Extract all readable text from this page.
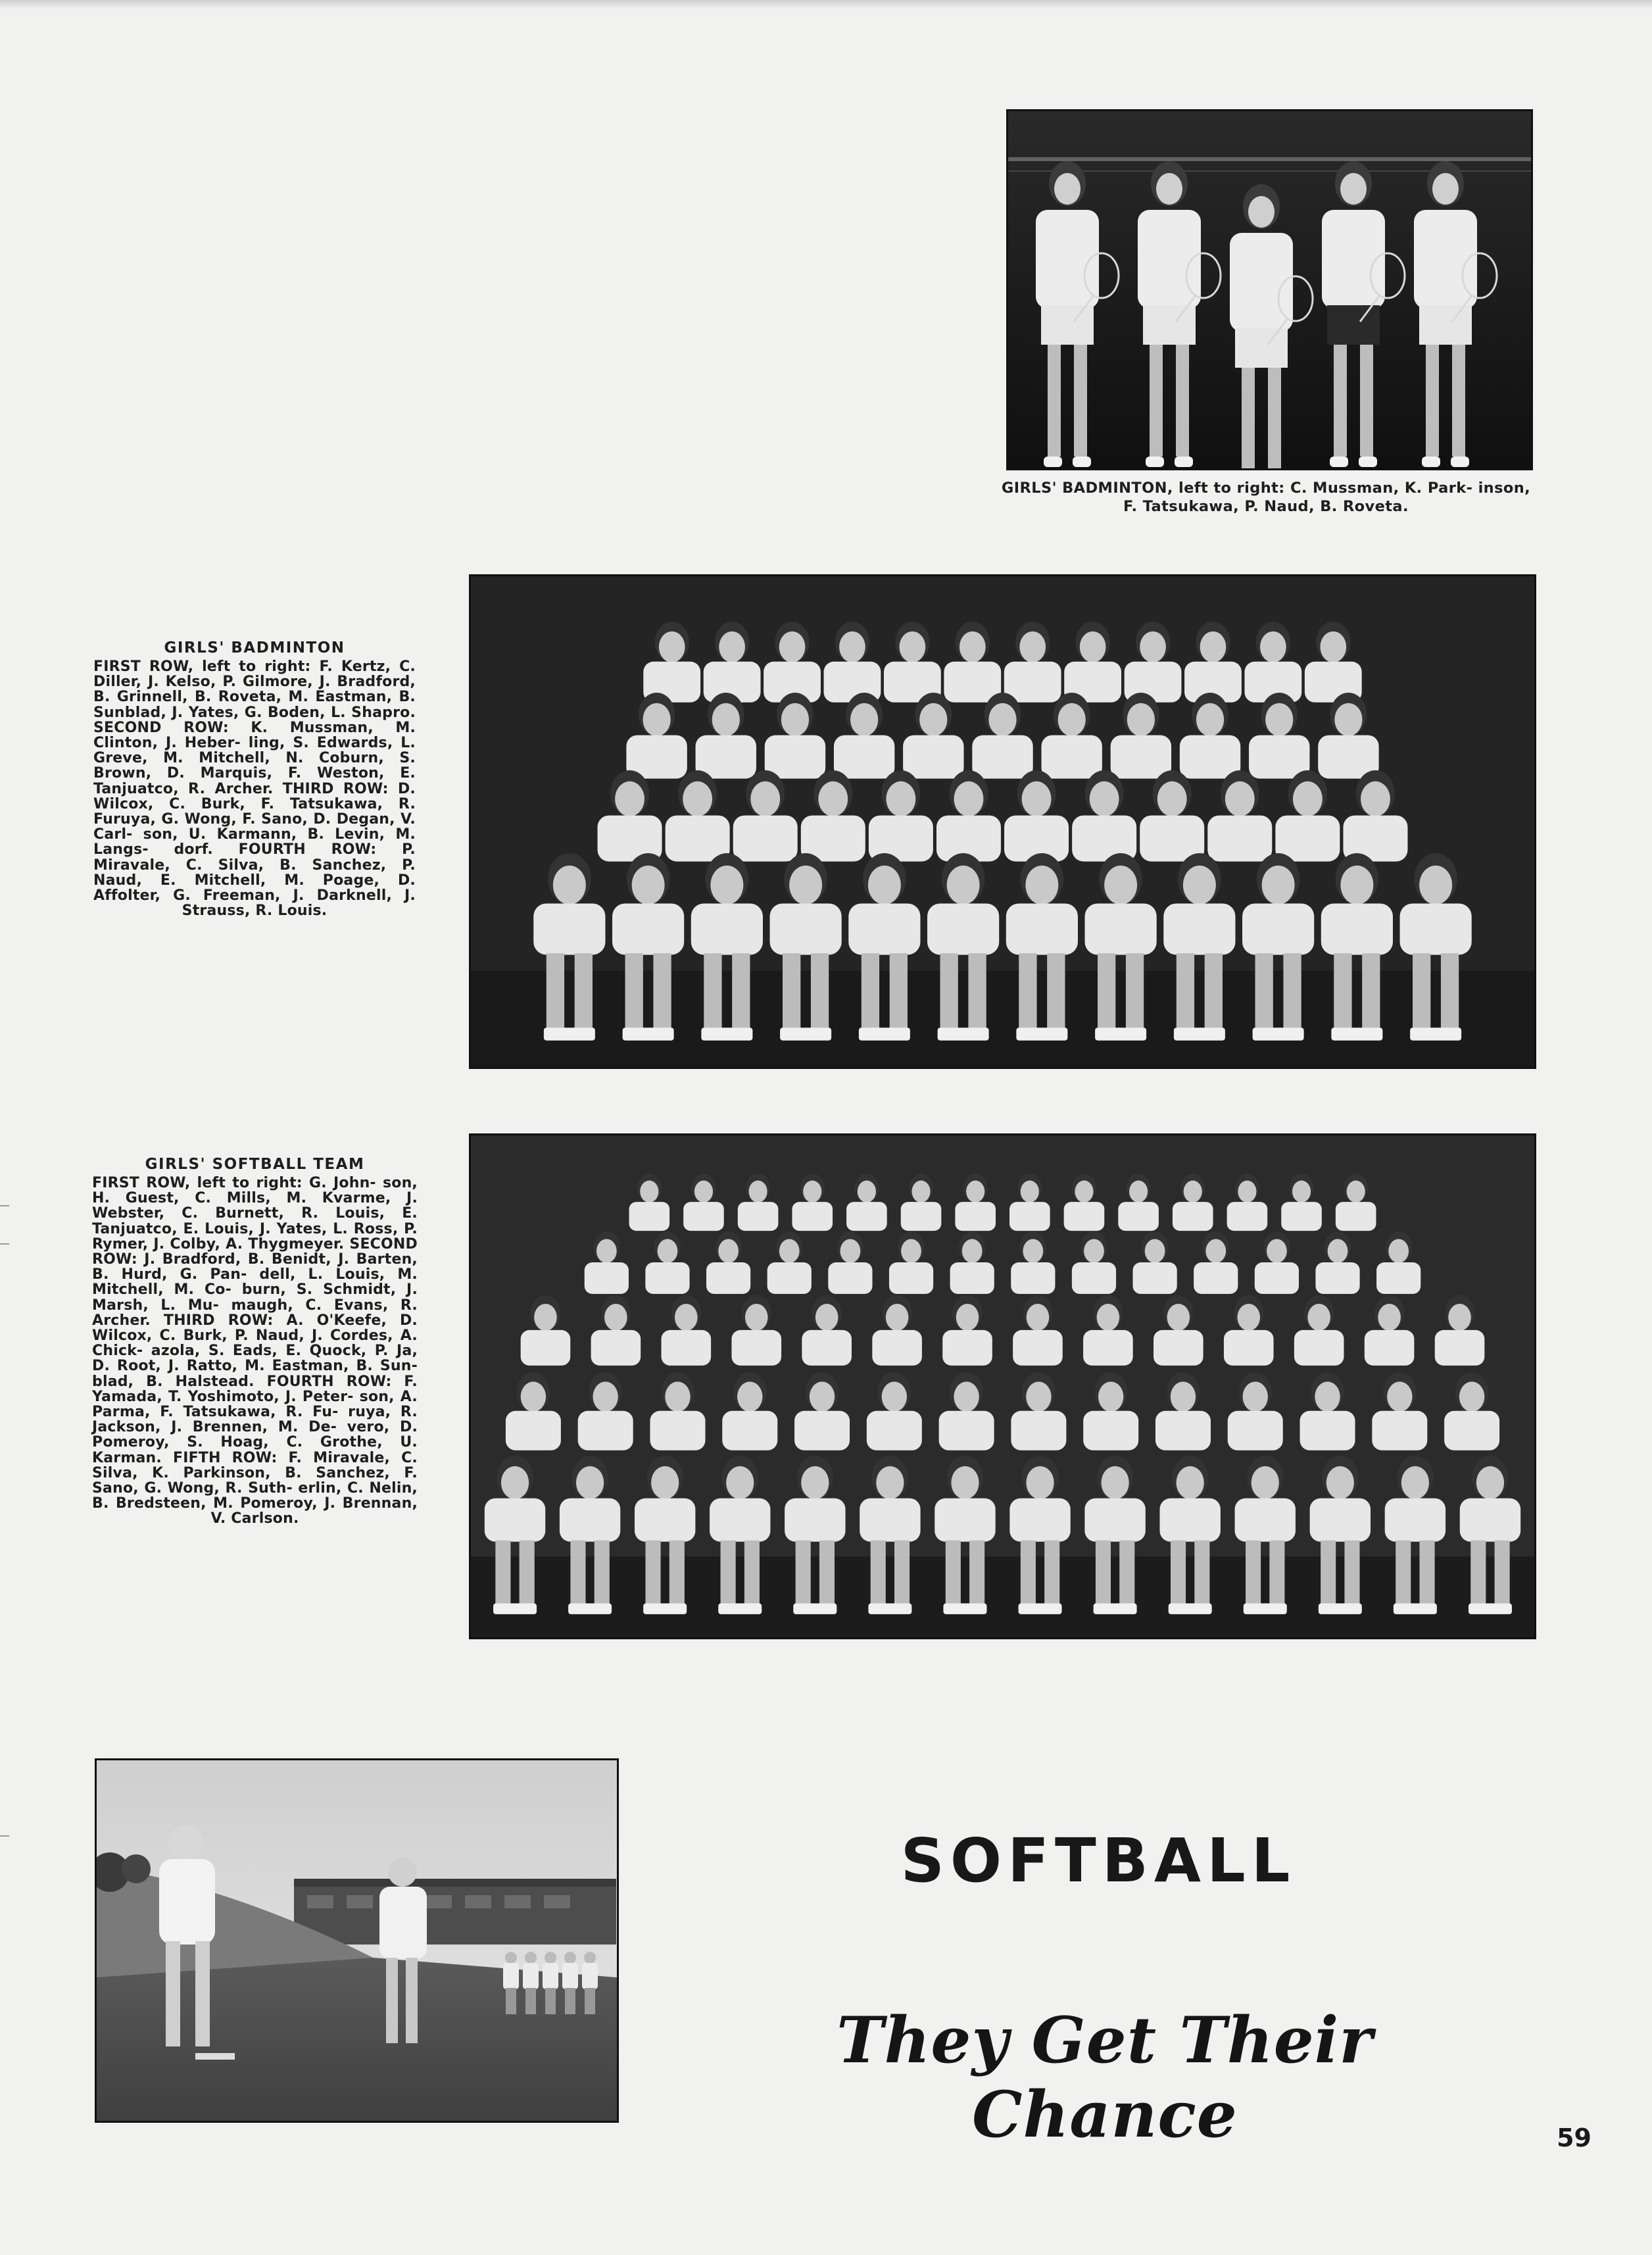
GIRLS' BADMINTON, left to right: C. Mussman, K. Park- inson, F. Tatsukawa, P. Naud, B. Roveta.

GIRLS' BADMINTON

FIRST ROW, left to right: F. Kertz, C. Diller, J. Kelso, P. Gilmore, J. Bradford, B. Grinnell, B. Roveta, M. Eastman, B. Sunblad, J. Yates, G. Boden, L. Shapro. SECOND ROW: K. Mussman, M. Clinton, J. Heber- ling, S. Edwards, L. Greve, M. Mitchell, N. Coburn, S. Brown, D. Marquis, F. Weston, E. Tanjuatco, R. Archer. THIRD ROW: D. Wilcox, C. Burk, F. Tatsukawa, R. Furuya, G. Wong, F. Sano, D. Degan, V. Carl- son, U. Karmann, B. Levin, M. Langs- dorf. FOURTH ROW: P. Miravale, C. Silva, B. Sanchez, P. Naud, E. Mitchell, M. Poage, D. Affolter, G. Freeman, J. Darknell, J. Strauss, R. Louis.

GIRLS' SOFTBALL TEAM

FIRST ROW, left to right: G. John- son, H. Guest, C. Mills, M. Kvarme, J. Webster, C. Burnett, R. Louis, E. Tanjuatco, E. Louis, J. Yates, L. Ross, P. Rymer, J. Colby, A. Thygmeyer. SECOND ROW: J. Bradford, B. Benidt, J. Barten, B. Hurd, G. Pan- dell, L. Louis, M. Mitchell, M. Co- burn, S. Schmidt, J. Marsh, L. Mu- maugh, C. Evans, R. Archer. THIRD ROW: A. O'Keefe, D. Wilcox, C. Burk, P. Naud, J. Cordes, A. Chick- azola, S. Eads, E. Quock, P. Ja, D. Root, J. Ratto, M. Eastman, B. Sun- blad, B. Halstead. FOURTH ROW: F. Yamada, T. Yoshimoto, J. Peter- son, A. Parma, F. Tatsukawa, R. Fu- ruya, R. Jackson, J. Brennen, M. De- vero, D. Pomeroy, S. Hoag, C. Grothe, U. Karman. FIFTH ROW: F. Miravale, C. Silva, K. Parkinson, B. Sanchez, F. Sano, G. Wong, R. Suth- erlin, C. Nelin, B. Bredsteen, M. Pomeroy, J. Brennan, V. Carlson.

SOFTBALL

They Get Their Chance	59
